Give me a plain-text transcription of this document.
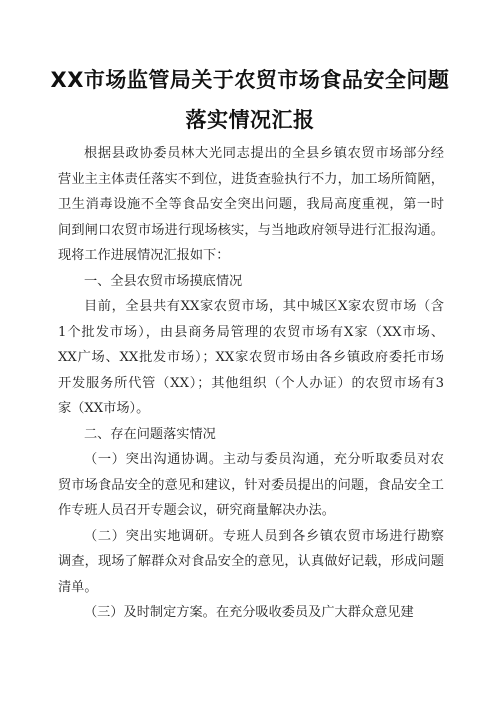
XX市场监管局关于农贸市场食品安全问题
落实情况汇报
根据县政协委员林大光同志提出的全县乡镇农贸市场部分经
营业主主体责任落实不到位，进货查验执行不力，加工场所简陋，
卫生消毒设施不全等食品安全突出问题，我局高度重视，第一时
间到闸口农贸市场进行现场核实，与当地政府领导进行汇报沟通。
现将工作进展情况汇报如下：
一、全县农贸市场摸底情况
目前，全县共有XX家农贸市场，其中城区X家农贸市场（含
1个批发市场），由县商务局管理的农贸市场有X家（XX市场、
XX广场、XX批发市场）；XX家农贸市场由各乡镇政府委托市场
开发服务所代管（XX）；其他组织（个人办证）的农贸市场有3
家（XX市场）。
二、存在问题落实情况
（一）突出沟通协调。主动与委员沟通，充分听取委员对农
贸市场食品安全的意见和建议，针对委员提出的问题，食品安全工
作专班人员召开专题会议，研究商量解决办法。
（二）突出实地调研。专班人员到各乡镇农贸市场进行勘察
调查，现场了解群众对食品安全的意见，认真做好记载，形成问题
清单。
（三）及时制定方案。在充分吸收委员及广大群众意见建
